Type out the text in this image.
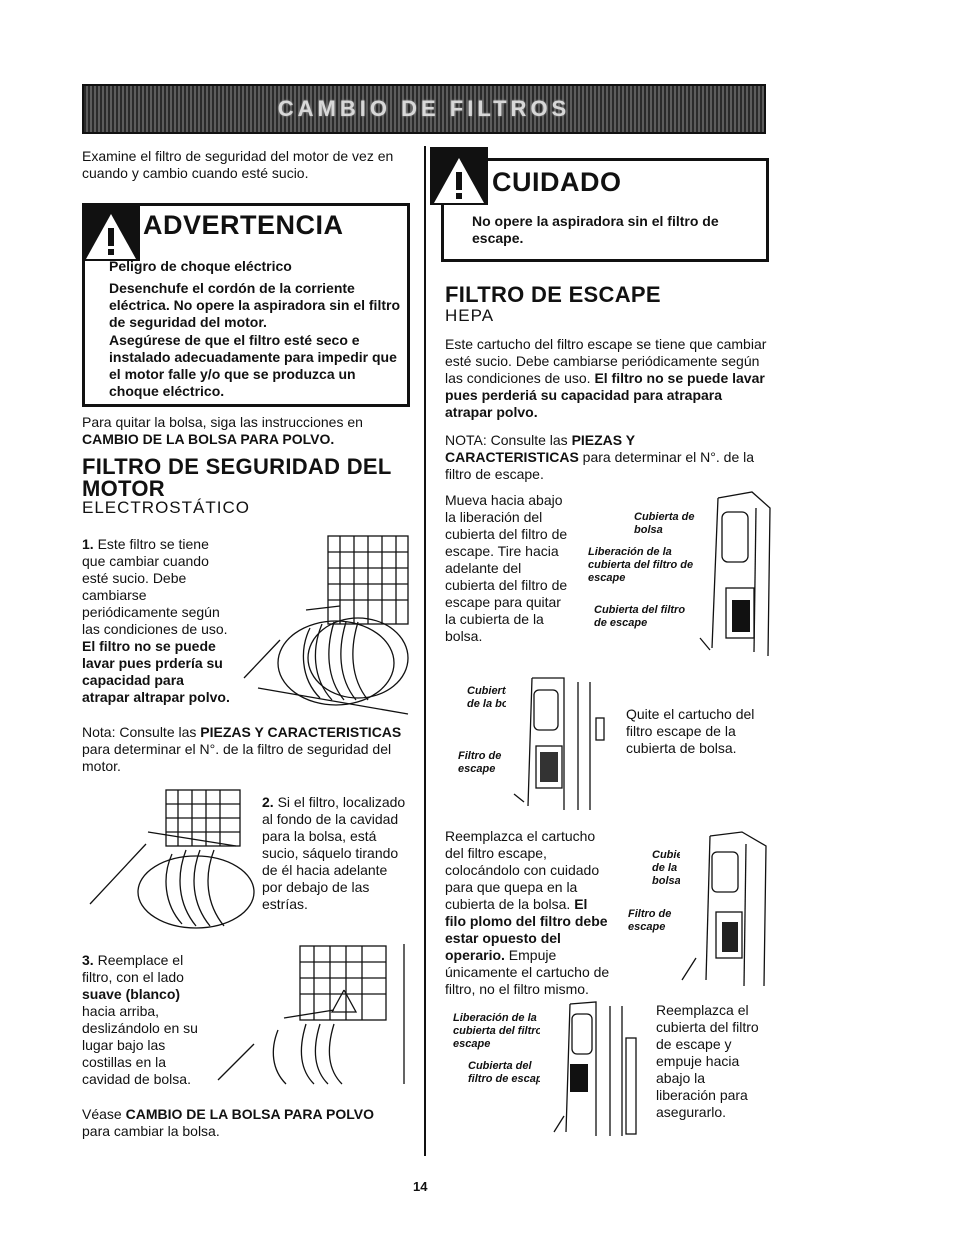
CAMBIO DE FILTROS

Examine el filtro de seguridad del motor de vez en cuando y cambio cuando esté sucio.

ADVERTENCIA

Peligro de choque eléctrico

Desenchufe el cordón de la corriente eléctrica. No opere la aspiradora sin el filtro de seguridad del motor.

Asegúrese de que el filtro esté seco e instalado adecuadamente para impedir que el motor falle y/o que se produzca un choque eléctrico.

Para quitar la bolsa, siga las instrucciones en CAMBIO DE LA BOLSA PARA POLVO.

FILTRO DE SEGURIDAD DEL MOTOR
ELECTROSTÁTICO

1. Este filtro se tiene que cambiar cuando esté sucio. Debe cambiarse periódicamente según las condiciones de uso. El filtro no se puede lavar pues prdería su capacidad para atrapar altrapar polvo.

Filtro de seguridad del motor

Nota: Consulte las PIEZAS Y CARACTERISTICAS para determinar el N°. de la filtro de seguridad del motor.

Filtro de seguridad del motor

2. Si el filtro, localizado al fondo de la cavidad para la bolsa, está sucio, sáquelo tirando de él hacia adelante por debajo de las estrías.

3. Reemplace el filtro, con el lado suave (blanco) hacia arriba, deslizándolo en su lugar bajo las costillas en la cavidad de bolsa.

Filtro de seguridad del motor
Estrías

Véase CAMBIO DE LA BOLSA PARA POLVO para cambiar la bolsa.

CUIDADO

No opere la aspiradora sin el filtro de escape.

FILTRO DE ESCAPE
HEPA

Este cartucho del filtro escape se tiene que cambiar esté sucio. Debe cambiarse periódicamente según las condiciones de uso. El filtro no se puede lavar pues perderiá su capacidad para atrapara atrapar polvo.

NOTA: Consulte las PIEZAS Y CARACTERISTICAS para determinar el N°. de la filtro de escape.

Mueva hacia abajo la liberación del cubierta del filtro de escape. Tire hacia adelante del cubierta del filtro de escape para quitar la cubierta de la bolsa.

Cubierta de la bolsa
Liberación de la cubierta del filtro de escape
Cubierta del filtro de escape
Cubierta de la bolsa
Filtro de escape

Quite el cartucho del filtro escape de la cubierta de bolsa.

Reemplazca el cartucho del filtro escape, colocándolo con cuidado para que quepa en la cubierta de la bolsa. El filo plomo del filtro debe estar opuesto del operario. Empuje únicamente el cartucho de filtro, no el filtro mismo.

Cubierta de la bolsa
Filtro de escape
Liberación de la cubierta del filtro de escape
Cubierta del filtro de escape

Reemplazca el cubierta del filtro de escape y empuje hacia abajo la liberación para asegurarlo.

14
